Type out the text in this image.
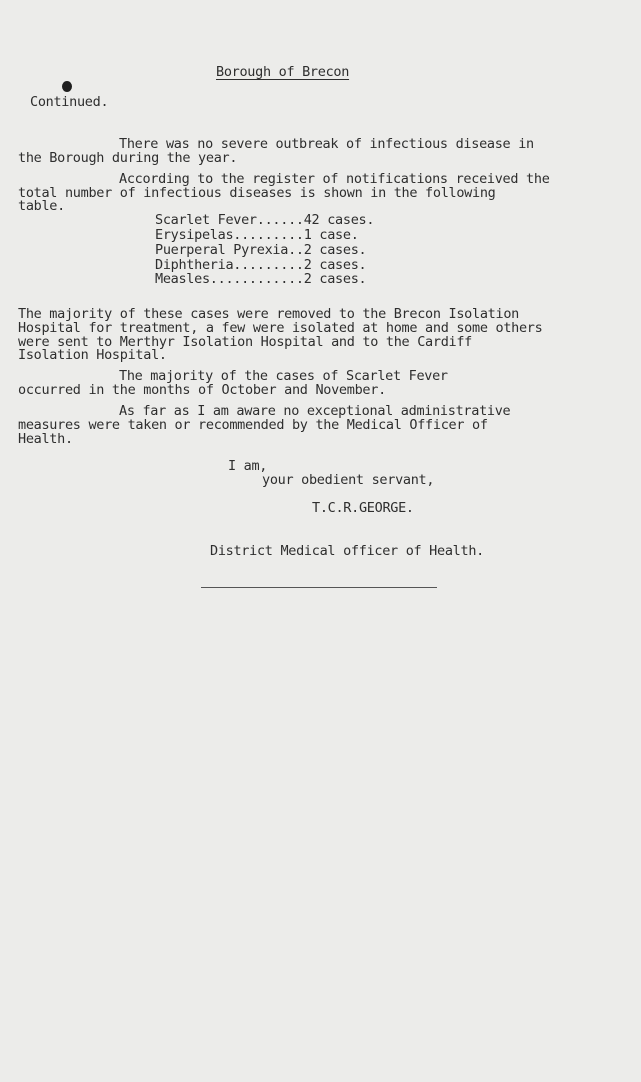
Borough of Brecon
Continued.
There was no severe outbreak of infectious disease in
the Borough during the year.
According to the register of notifications received the
total number of infectious diseases is shown in the following
table.
Scarlet Fever......42 cases.
Erysipelas.........1 case.
Puerperal Pyrexia..2 cases.
Diphtheria.........2 cases.
Measles............2 cases.
The majority of these cases were removed to the Brecon Isolation
Hospital for treatment, a few were isolated at home and some others
were sent to Merthyr Isolation Hospital and to the Cardiff
Isolation Hospital.
The majority of the cases of Scarlet Fever
occurred in the months of October and November.
As far as I am aware no exceptional administrative
measures were taken or recommended by the Medical Officer of
Health.
I am,
your obedient servant,
T.C.R.GEORGE.
District Medical officer of Health.
